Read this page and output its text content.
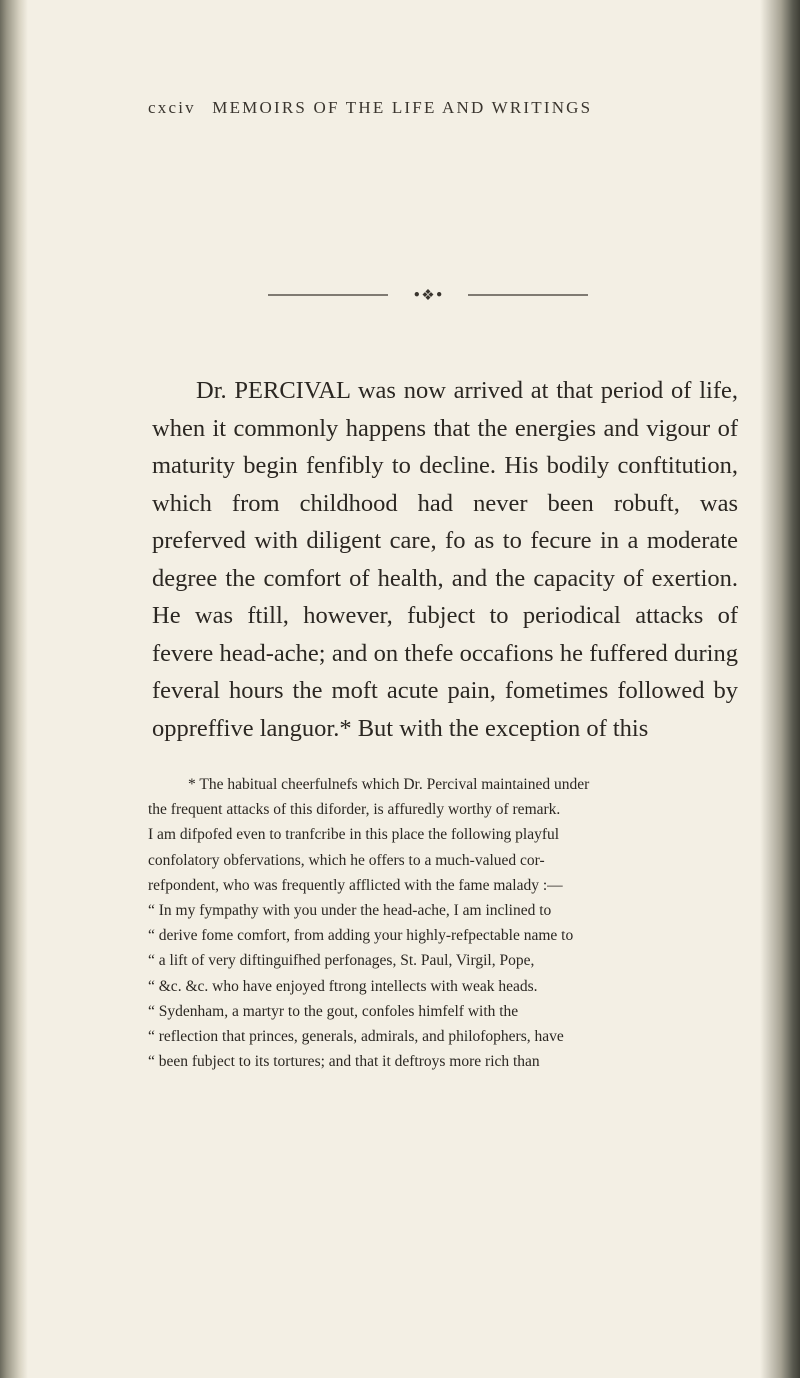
cxciv MEMOIRS OF THE LIFE AND WRITINGS
•❖•

Dr. PERCIVAL was now arrived at that period of life, when it commonly happens that the energies and vigour of maturity begin fenfibly to decline. His bodily conftitution, which from childhood had never been robuft, was preferved with diligent care, fo as to fecure in a moderate degree the comfort of health, and the capacity of exertion. He was ftill, however, fubject to periodical attacks of fevere head-ache; and on thefe occafions he fuffered during feveral hours the moft acute pain, fometimes followed by oppreffive languor.* But with the exception of this

* The habitual cheerfulnefs which Dr. Percival maintained under
the frequent attacks of this diforder, is affuredly worthy of remark.
I am difpofed even to tranfcribe in this place the following playful
confolatory obfervations, which he offers to a much-valued cor-
refpondent, who was frequently afflicted with the fame malady :—
“ In my fympathy with you under the head-ache, I am inclined to
“ derive fome comfort, from adding your highly-refpectable name to
“ a lift of very diftinguifhed perfonages, St. Paul, Virgil, Pope,
“ &c. &c. who have enjoyed ftrong intellects with weak heads.
“ Sydenham, a martyr to the gout, confoles himfelf with the
“ reflection that princes, generals, admirals, and philofophers, have
“ been fubject to its tortures; and that it deftroys more rich than
